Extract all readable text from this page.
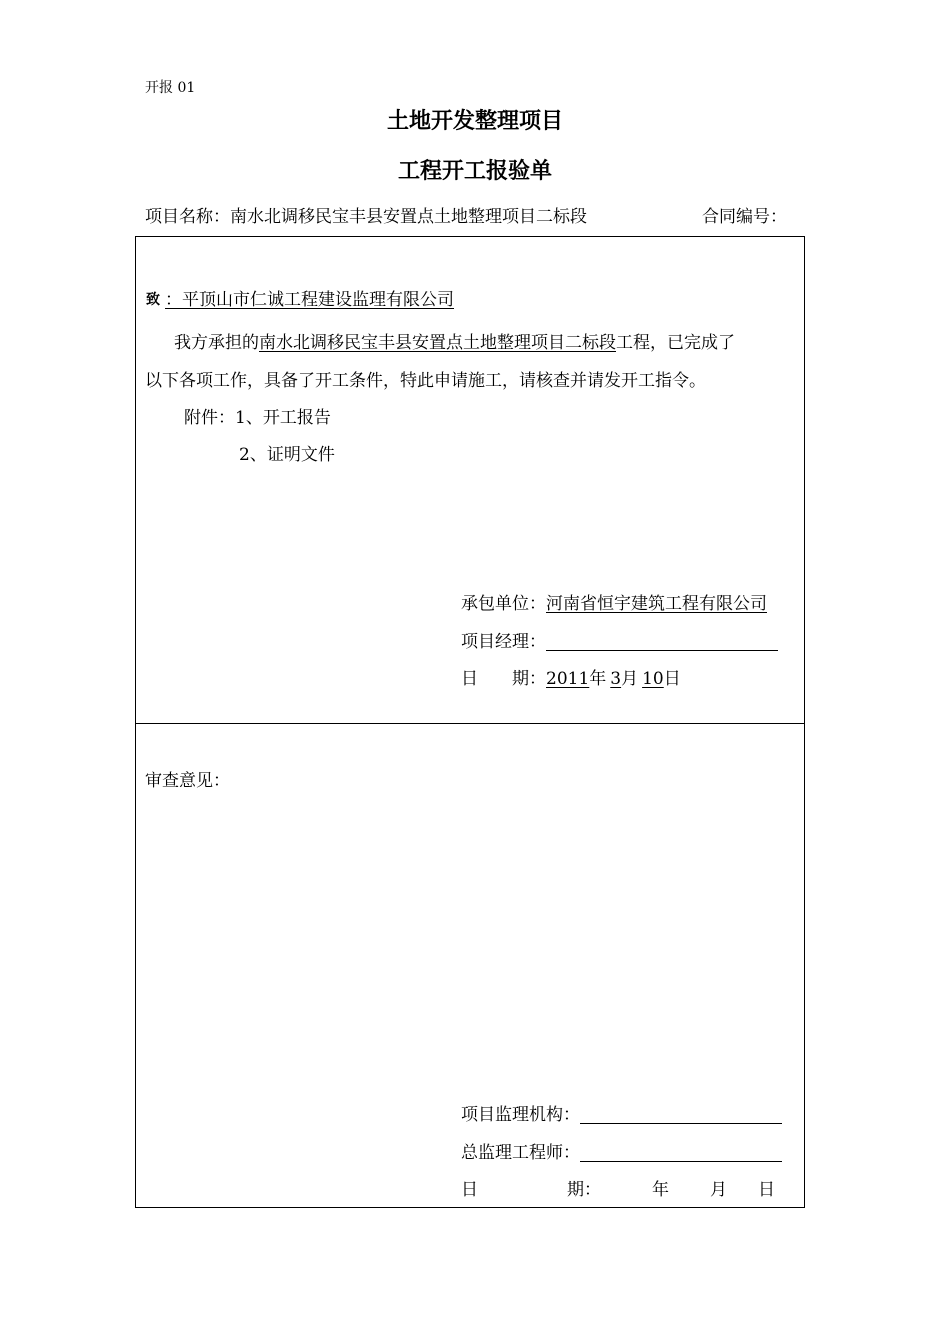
开报 01
土地开发整理项目
工程开工报验单
项目名称：南水北调移民宝丰县安置点土地整理项目二标段	合同编号：
致 ：平顶山市仁诚工程建设监理有限公司
我方承担的南水北调移民宝丰县安置点土地整理项目二标段工程，已完成了
以下各项工作，具备了开工条件，特此申请施工，请核查并请发开工指令。
附件：1、开工报告
2、证明文件
承包单位：河南省恒宇建筑工程有限公司
项目经理：
日　　期：2011年 3月 10日
审查意见：
项目监理机构：
总监理工程师：
日	期：	年 月 日
